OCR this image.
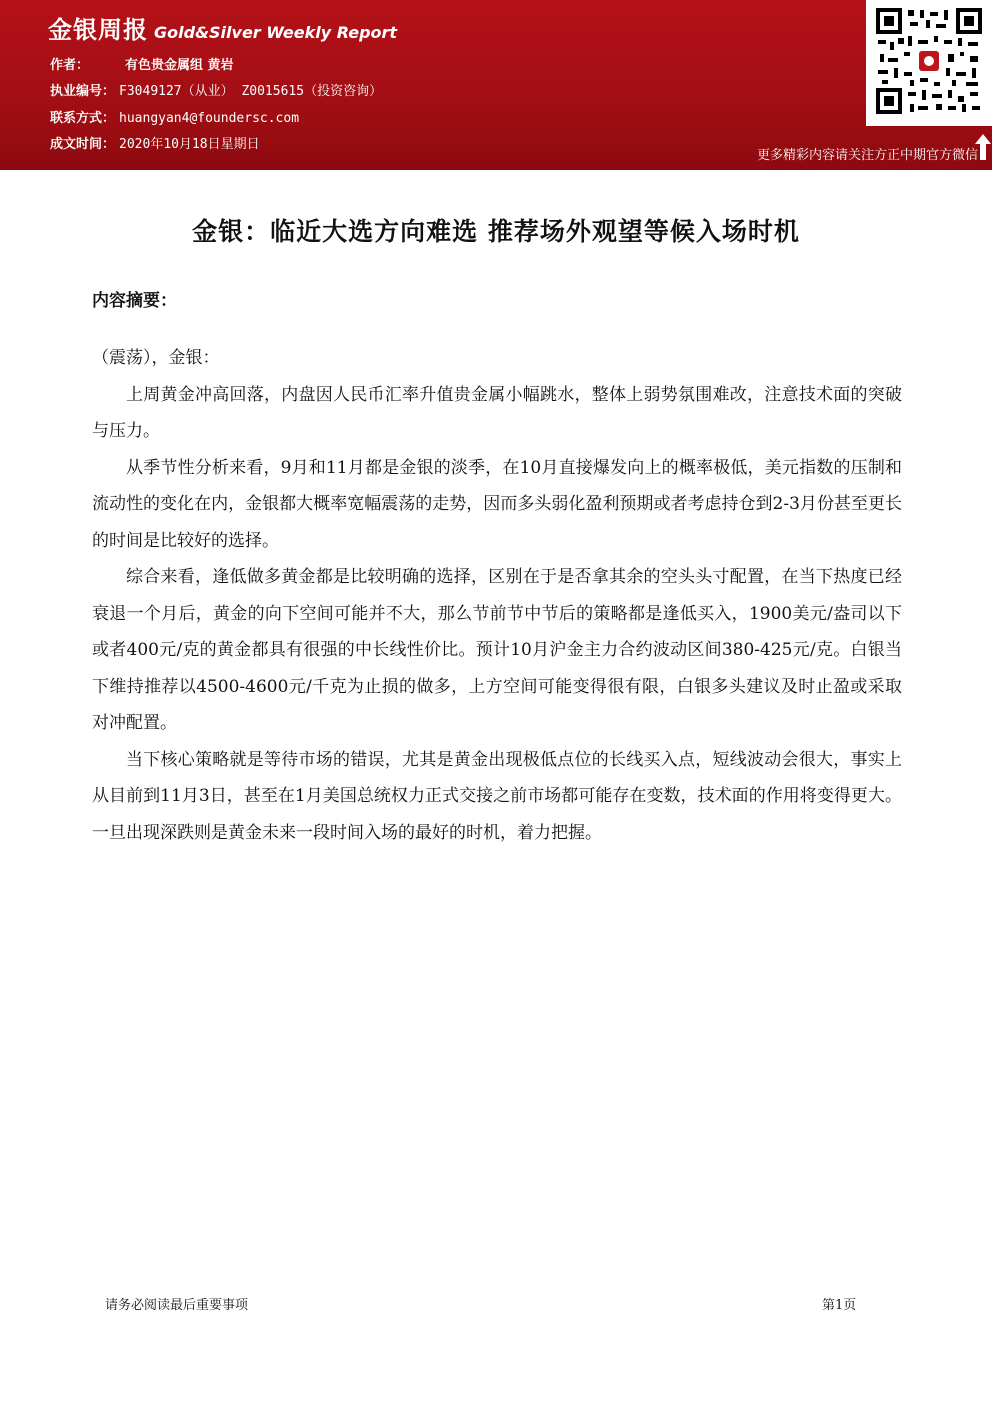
金银周报 Gold&Silver Weekly Report
作者：	有色贵金属组 黄岩
执业编号： F3049127（从业） Z0015615（投资咨询）
联系方式： huangyan4@foundersc.com
成文时间： 2020年10月18日星期日
更多精彩内容请关注方正中期官方微信
金银：临近大选方向难选 推荐场外观望等候入场时机
内容摘要：

（震荡），金银：

上周黄金冲高回落，内盘因人民币汇率升值贵金属小幅跳水，整体上弱势氛围难改，注意技术面的突破与压力。

从季节性分析来看，9月和11月都是金银的淡季，在10月直接爆发向上的概率极低，美元指数的压制和流动性的变化在内，金银都大概率宽幅震荡的走势，因而多头弱化盈利预期或者考虑持仓到2-3月份甚至更长的时间是比较好的选择。

综合来看，逢低做多黄金都是比较明确的选择，区别在于是否拿其余的空头头寸配置，在当下热度已经衰退一个月后，黄金的向下空间可能并不大，那么节前节中节后的策略都是逢低买入，1900美元/盎司以下或者400元/克的黄金都具有很强的中长线性价比。预计10月沪金主力合约波动区间380-425元/克。白银当下维持推荐以4500-4600元/千克为止损的做多，上方空间可能变得很有限，白银多头建议及时止盈或采取对冲配置。

当下核心策略就是等待市场的错误，尤其是黄金出现极低点位的长线买入点，短线波动会很大，事实上从目前到11月3日，甚至在1月美国总统权力正式交接之前市场都可能存在变数，技术面的作用将变得更大。一旦出现深跌则是黄金未来一段时间入场的最好的时机，着力把握。

请务必阅读最后重要事项	第1页
